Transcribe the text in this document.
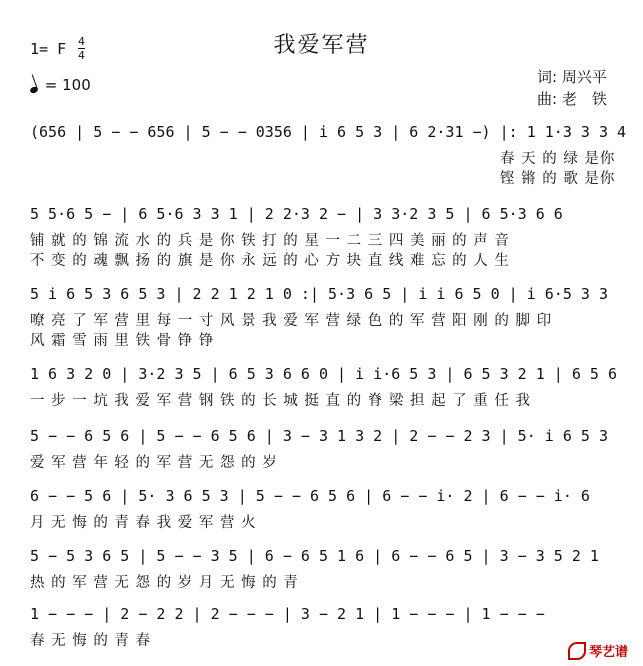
我爱军营
1= F 4
4
= 100	词: 周兴平
曲: 老　铁
(656 | 5 − − 656 | 5 − − 0356 | i 6 5 3 | 6 2·31 −) |: 1 1·3 3 3 4
春 天 的 绿 是你
铿 锵 的 歌 是你
5 5·6 5 − | 6 5·6 3 3 1 | 2 2·3 2 − | 3 3·2 3 5 | 6 5·3 6 6
铺 就 的 锦 流 水 的 兵 是 你 铁 打 的 星 一 二 三 四 美 丽 的 声 音
不 变 的 魂 飘 扬 的 旗 是 你 永 远 的 心 方 块 直 线 难 忘 的 人 生
5 i 6 5 3 6 5 3 | 2 2 1 2 1 0 :| 5·3 6 5 | i i 6 5 0 | i 6·5 3 3
嘹 亮 了 军 营 里 每 一 寸 风 景 我 爱 军 营 绿 色 的 军 营 阳 刚 的 脚 印
风 霜 雪 雨 里 铁 骨 铮 铮
1 6 3 2 0 | 3·2 3 5 | 6 5 3 6 6 0 | i i·6 5 3 | 6 5 3 2 1 | 6 5 6
一 步 一 坑 我 爱 军 营 钢 铁 的 长 城 挺 直 的 脊 梁 担 起 了 重 任 我
5 − − 6 5 6 | 5 − − 6 5 6 | 3 − 3 1 3 2 | 2 − − 2 3 | 5· i 6 5 3
爱 军 营 年 轻 的 军 营 无 怨 的 岁
6 − − 5 6 | 5· 3 6 5 3 | 5 − − 6 5 6 | 6 − − i· 2 | 6 − − i· 6
月 无 悔 的 青 春 我 爱 军 营 火
5 − 5 3 6 5 | 5 − − 3 5 | 6 − 6 5 1 6 | 6 − − 6 5 | 3 − 3 5 2 1
热 的 军 营 无 怨 的 岁 月 无 悔 的 青
1 − − − | 2 − 2 2 | 2 − − − | 3 − 2 1 | 1 − − − | 1 − − −
春 无 悔 的 青 春
琴艺谱
